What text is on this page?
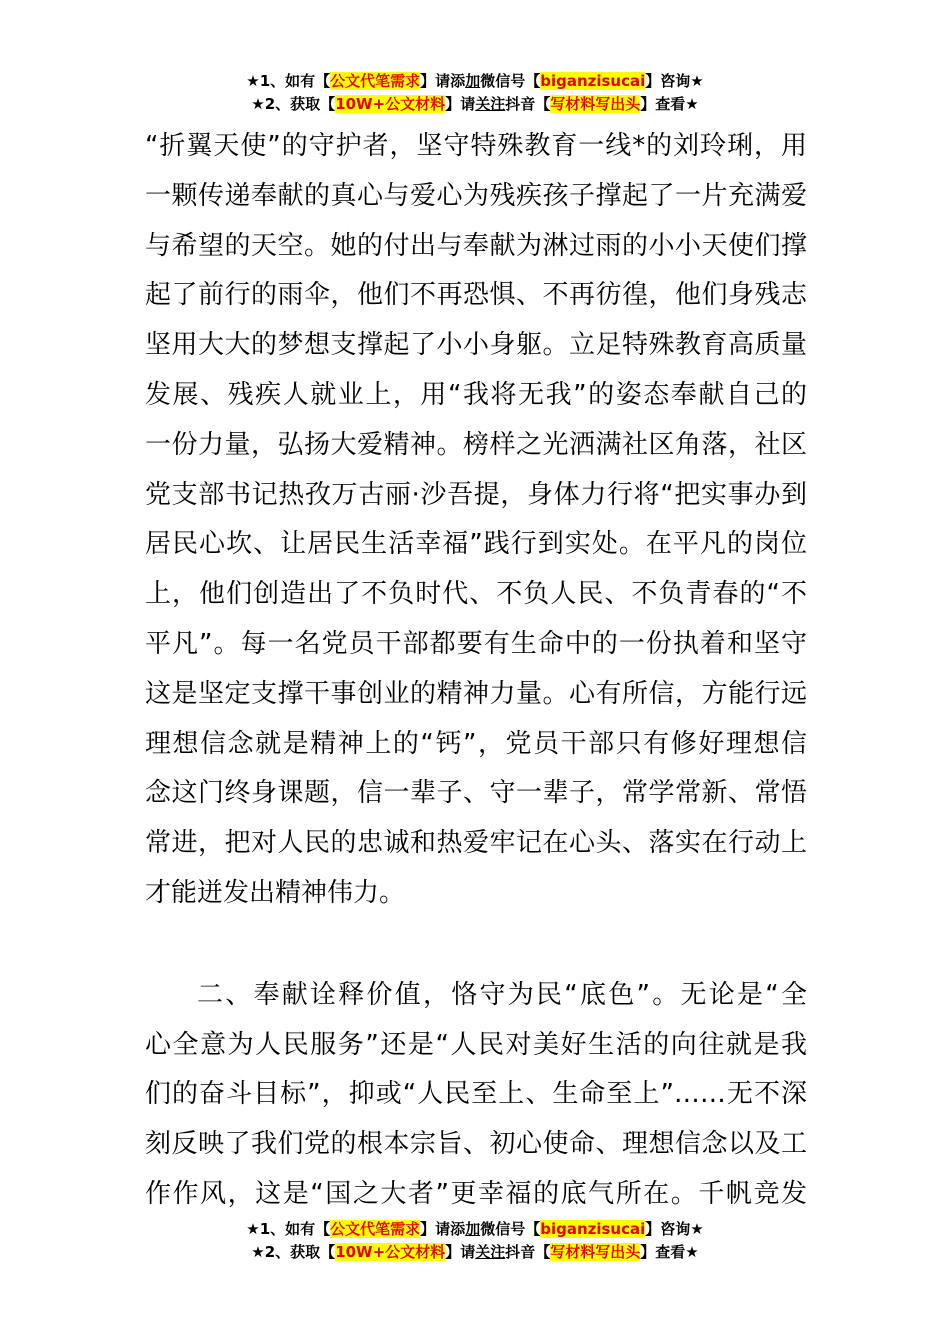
★1、如有【公文代笔需求】请添加微信号【biganzisucai】咨询★
★2、获取【10W+公文材料】请关注抖音【写材料写出头】查看★

“折翼天使”的守护者，坚守特殊教育一线*的刘玲琍，用
一颗传递奉献的真心与爱心为残疾孩子撑起了一片充满爱
与希望的天空。她的付出与奉献为淋过雨的小小天使们撑
起了前行的雨伞，他们不再恐惧、不再彷徨，他们身残志
坚用大大的梦想支撑起了小小身躯。立足特殊教育高质量
发展、残疾人就业上，用“我将无我”的姿态奉献自己的
一份力量，弘扬大爱精神。榜样之光洒满社区角落，社区
党支部书记热孜万古丽·沙吾提，身体力行将“把实事办到
居民心坎、让居民生活幸福”践行到实处。在平凡的岗位
上，他们创造出了不负时代、不负人民、不负青春的“不
平凡”。每一名党员干部都要有生命中的一份执着和坚守
这是坚定支撑干事创业的精神力量。心有所信，方能行远
理想信念就是精神上的“钙”，党员干部只有修好理想信
念这门终身课题，信一辈子、守一辈子，常学常新、常悟
常进，把对人民的忠诚和热爱牢记在心头、落实在行动上
才能迸发出精神伟力。

二、奉献诠释价值，恪守为民“底色”。无论是“全
心全意为人民服务”还是“人民对美好生活的向往就是我
们的奋斗目标”，抑或“人民至上、生命至上”……无不深
刻反映了我们党的根本宗旨、初心使命、理想信念以及工
作作风，这是“国之大者”更幸福的底气所在。千帆竞发

★1、如有【公文代笔需求】请添加微信号【biganzisucai】咨询★
★2、获取【10W+公文材料】请关注抖音【写材料写出头】查看★
